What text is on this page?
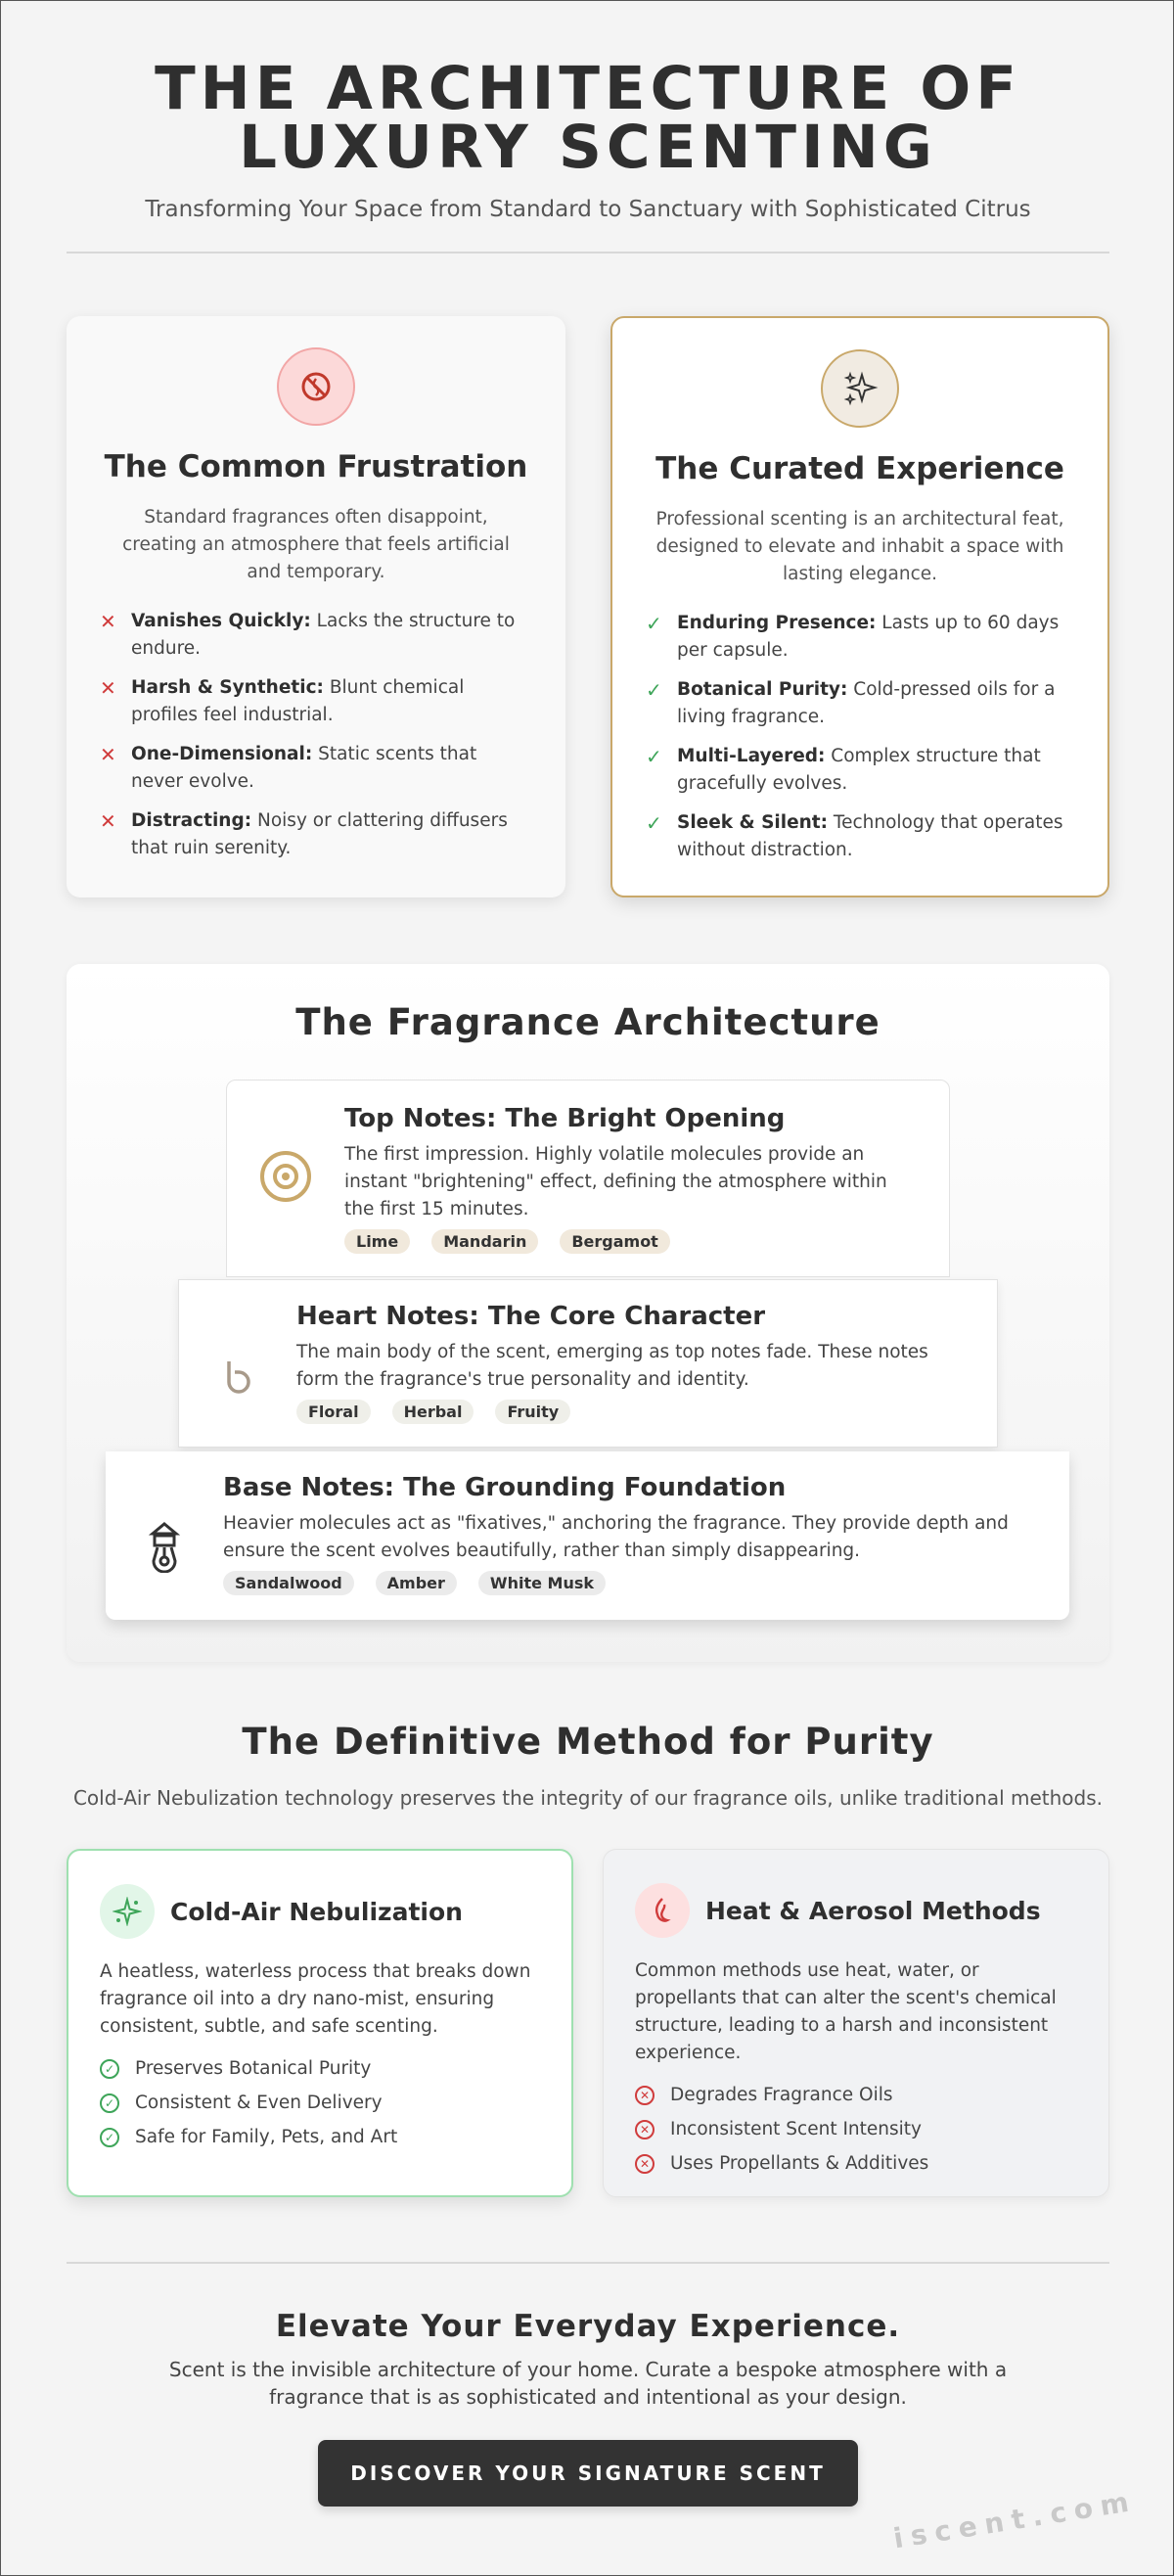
THE ARCHITECTURE OF LUXURY SCENTING
Transforming Your Space from Standard to Sanctuary with Sophisticated Citrus
The Common Frustration

Standard fragrances often disappoint, creating an atmosphere that feels artificial and temporary.

✕ Vanishes Quickly: Lacks the structure to endure.
✕ Harsh & Synthetic: Blunt chemical profiles feel industrial.
✕ One-Dimensional: Static scents that never evolve.
✕ Distracting: Noisy or clattering diffusers that ruin serenity.
The Curated Experience

Professional scenting is an architectural feat, designed to elevate and inhabit a space with lasting elegance.

✓ Enduring Presence: Lasts up to 60 days per capsule.
✓ Botanical Purity: Cold-pressed oils for a living fragrance.
✓ Multi-Layered: Complex structure that gracefully evolves.
✓ Sleek & Silent: Technology that operates without distraction.
The Fragrance Architecture
Top Notes: The Bright Opening

The first impression. Highly volatile molecules provide an instant "brightening" effect, defining the atmosphere within the first 15 minutes.

Lime	Mandarin	Bergamot
Heart Notes: The Core Character

The main body of the scent, emerging as top notes fade. These notes form the fragrance's true personality and identity.

Floral	Herbal	Fruity
Base Notes: The Grounding Foundation

Heavier molecules act as "fixatives," anchoring the fragrance. They provide depth and ensure the scent evolves beautifully, rather than simply disappearing.

Sandalwood	Amber	White Musk
The Definitive Method for Purity

Cold-Air Nebulization technology preserves the integrity of our fragrance oils, unlike traditional methods.

Cold-Air Nebulization

A heatless, waterless process that breaks down fragrance oil into a dry nano-mist, ensuring consistent, subtle, and safe scenting.

✓ Preserves Botanical Purity
✓ Consistent & Even Delivery
✓ Safe for Family, Pets, and Art
Heat & Aerosol Methods

Common methods use heat, water, or propellants that can alter the scent's chemical structure, leading to a harsh and inconsistent experience.

✕ Degrades Fragrance Oils
✕ Inconsistent Scent Intensity
✕ Uses Propellants & Additives
Elevate Your Everyday Experience.

Scent is the invisible architecture of your home. Curate a bespoke atmosphere with a fragrance that is as sophisticated and intentional as your design.

DISCOVER YOUR SIGNATURE SCENT
iscent.com
